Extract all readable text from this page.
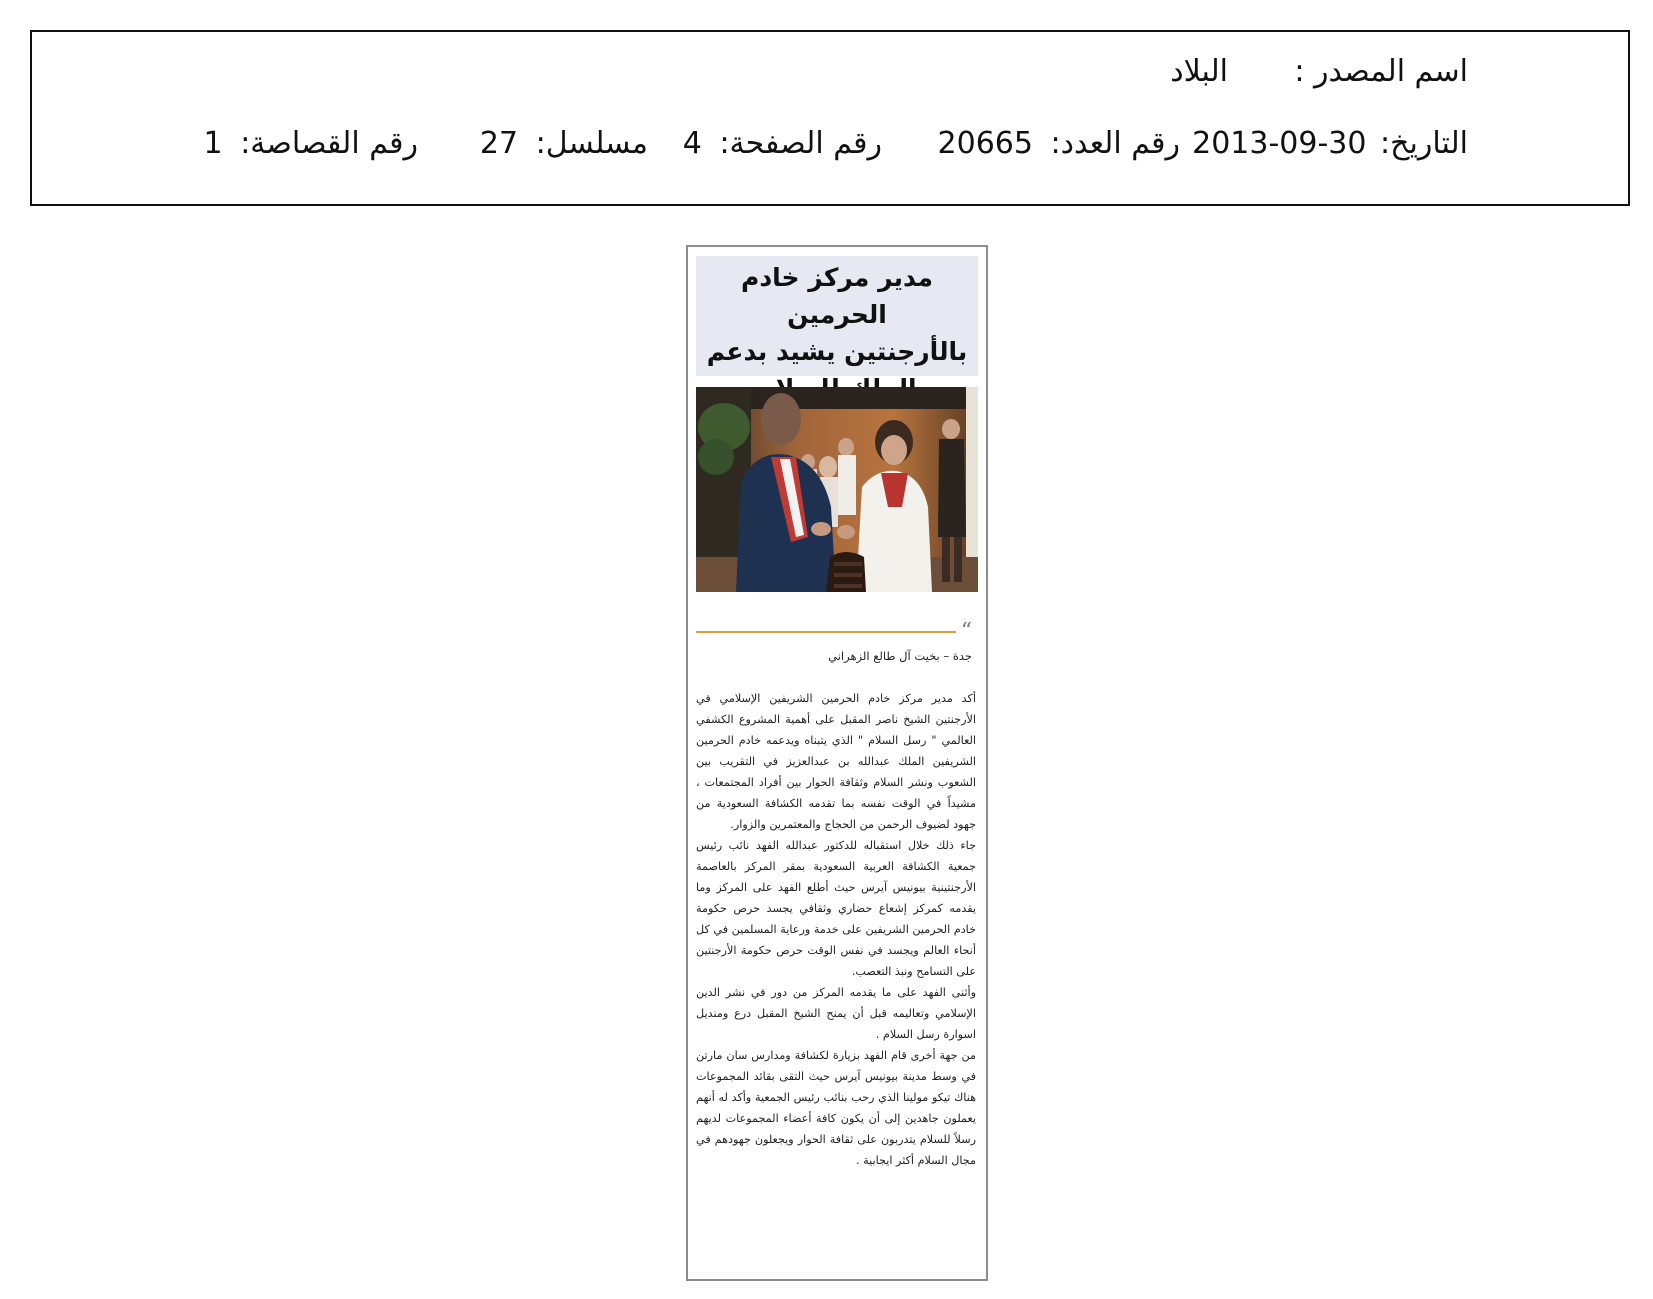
اسم المصدر :
البلاد
التاريخ: 2013-09-30
رقم العدد: 20665
رقم الصفحة: 4
مسلسل: 27
رقم القصاصة: 1
مدير مركز خادم الحرمين
بالأرجنتين يشيد بدعم
“
جدة – بخيت آل طالع الزهراني

أكد مدير مركز خادم الحرمين الشريفين الإسلامي في الأرجنتين الشيخ ناصر المقبل على أهمية المشروع الكشفي العالمي " رسل السلام " الذي يتبناه ويدعمه خادم الحرمين الشريفين الملك عبدالله بن عبدالعزيز في التقريب بين الشعوب ونشر السلام وثقافة الحوار بين أفراد المجتمعات ، مشيداً في الوقت نفسه بما تقدمه الكشافة السعودية من جهود لضيوف الرحمن من الحجاج والمعتمرين والزوار.

جاء ذلك خلال استقباله للدكتور عبدالله الفهد نائب رئيس جمعية الكشافة العربية السعودية بمقر المركز بالعاصمة الأرجنتينية بيونيس آيرس حيث أطلع الفهد على المركز وما يقدمه كمركز إشعاع حضاري وثقافي يجسد حرص حكومة خادم الحرمين الشريفين على خدمة ورعاية المسلمين في كل أنحاء العالم ويجسد في نفس الوقت حرص حكومة الأرجنتين على التسامح ونبذ التعصب.

وأثنى الفهد على ما يقدمه المركز من دور في نشر الدين الإسلامي وتعاليمه قبل أن يمنح الشيخ المقبل درع ومنديل اسوارة رسل السلام .

من جهة أخرى قام الفهد بزيارة لكشافة ومدارس سان مارتن في وسط مدينة بيونيس آيرس حيث التقى بقائد المجموعات هناك تيكو مولينا الذي رحب بنائب رئيس الجمعية وأكد له أنهم يعملون جاهدين إلى أن يكون كافة أعضاء المجموعات لديهم رسلاً للسلام يتدربون على ثقافة الحوار ويجعلون جهودهم في مجال السلام أكثر ايجابية .
